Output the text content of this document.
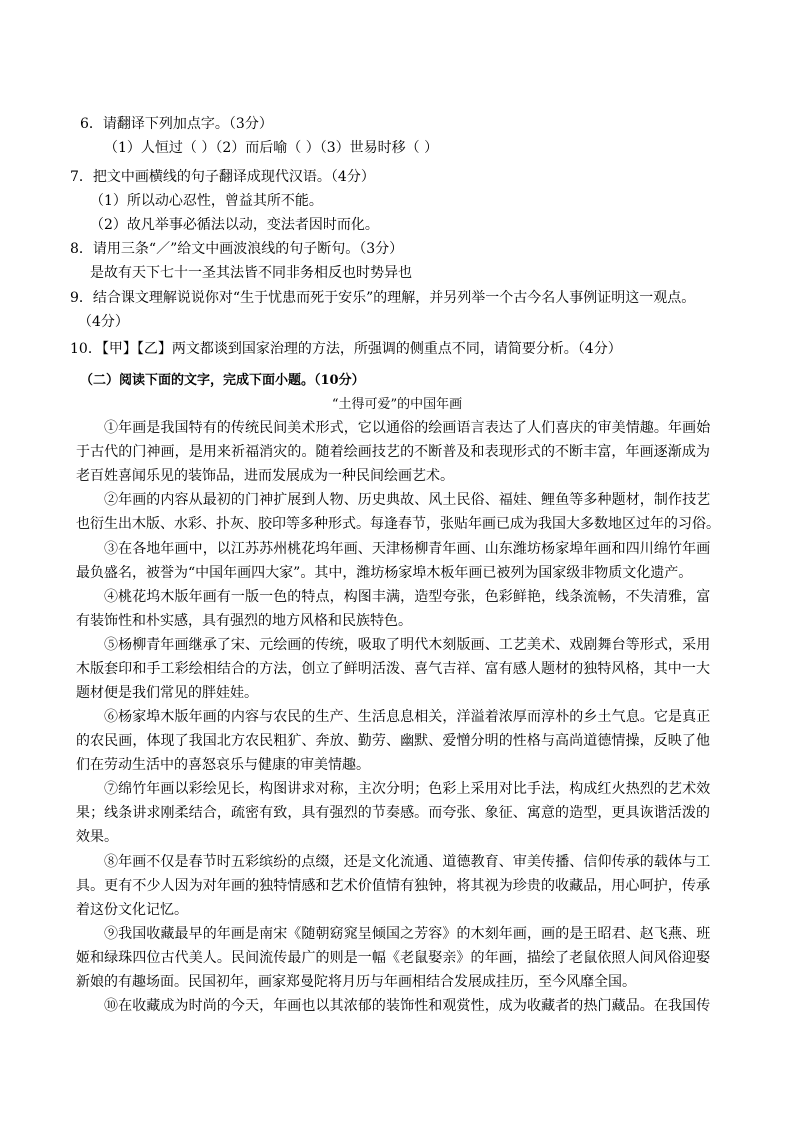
6．请翻译下列加点字。（3分）
（1）人恒过（ ）（2）而后喻（ ）（3）世易时移（ ）
7．把文中画横线的句子翻译成现代汉语。（4分）
（1）所以动心忍性，曾益其所不能。
（2）故凡举事必循法以动，变法者因时而化。
8．请用三条“／”给文中画波浪线的句子断句。（3分）
是故有天下七十一圣其法皆不同非务相反也时势异也
9．结合课文理解说说你对“生于忧患而死于安乐”的理解，并另列举一个古今名人事例证明这一观点。
（4分）
10．【甲】【乙】两文都谈到国家治理的方法，所强调的侧重点不同，请简要分析。（4分）
（二）阅读下面的文字，完成下面小题。（10分）
“土得可爱”的中国年画
①年画是我国特有的传统民间美术形式，它以通俗的绘画语言表达了人们喜庆的审美情趣。年画始
于古代的门神画，是用来祈福消灾的。随着绘画技艺的不断普及和表现形式的不断丰富，年画逐渐成为
老百姓喜闻乐见的装饰品，进而发展成为一种民间绘画艺术。
②年画的内容从最初的门神扩展到人物、历史典故、风土民俗、福娃、鲤鱼等多种题材，制作技艺
也衍生出木版、水彩、扑灰、胶印等多种形式。每逢春节，张贴年画已成为我国大多数地区过年的习俗。
③在各地年画中，以江苏苏州桃花坞年画、天津杨柳青年画、山东潍坊杨家埠年画和四川绵竹年画
最负盛名，被誉为“中国年画四大家”。其中，潍坊杨家埠木板年画已被列为国家级非物质文化遗产。
④桃花坞木版年画有一版一色的特点，构图丰满，造型夸张，色彩鲜艳，线条流畅，不失清雅，富
有装饰性和朴实感，具有强烈的地方风格和民族特色。
⑤杨柳青年画继承了宋、元绘画的传统，吸取了明代木刻版画、工艺美术、戏剧舞台等形式，采用
木版套印和手工彩绘相结合的方法，创立了鲜明活泼、喜气吉祥、富有感人题材的独特风格，其中一大
题材便是我们常见的胖娃娃。
⑥杨家埠木版年画的内容与农民的生产、生活息息相关，洋溢着浓厚而淳朴的乡土气息。它是真正
的农民画，体现了我国北方农民粗犷、奔放、勤劳、幽默、爱憎分明的性格与高尚道德情操，反映了他
们在劳动生活中的喜怒哀乐与健康的审美情趣。
⑦绵竹年画以彩绘见长，构图讲求对称，主次分明；色彩上采用对比手法，构成红火热烈的艺术效
果；线条讲求刚柔结合，疏密有致，具有强烈的节奏感。而夸张、象征、寓意的造型，更具诙谐活泼的
效果。
⑧年画不仅是春节时五彩缤纷的点缀，还是文化流通、道德教育、审美传播、信仰传承的载体与工
具。更有不少人因为对年画的独特情感和艺术价值情有独钟，将其视为珍贵的收藏品，用心呵护，传承
着这份文化记忆。
⑨我国收藏最早的年画是南宋《随朝窈窕呈倾国之芳容》的木刻年画，画的是王昭君、赵飞燕、班
姬和绿珠四位古代美人。民间流传最广的则是一幅《老鼠娶亲》的年画，描绘了老鼠依照人间风俗迎娶
新娘的有趣场面。民国初年，画家郑曼陀将月历与年画相结合发展成挂历，至今风靡全国。
⑩在收藏成为时尚的今天，年画也以其浓郁的装饰性和观赏性，成为收藏者的热门藏品。在我国传
